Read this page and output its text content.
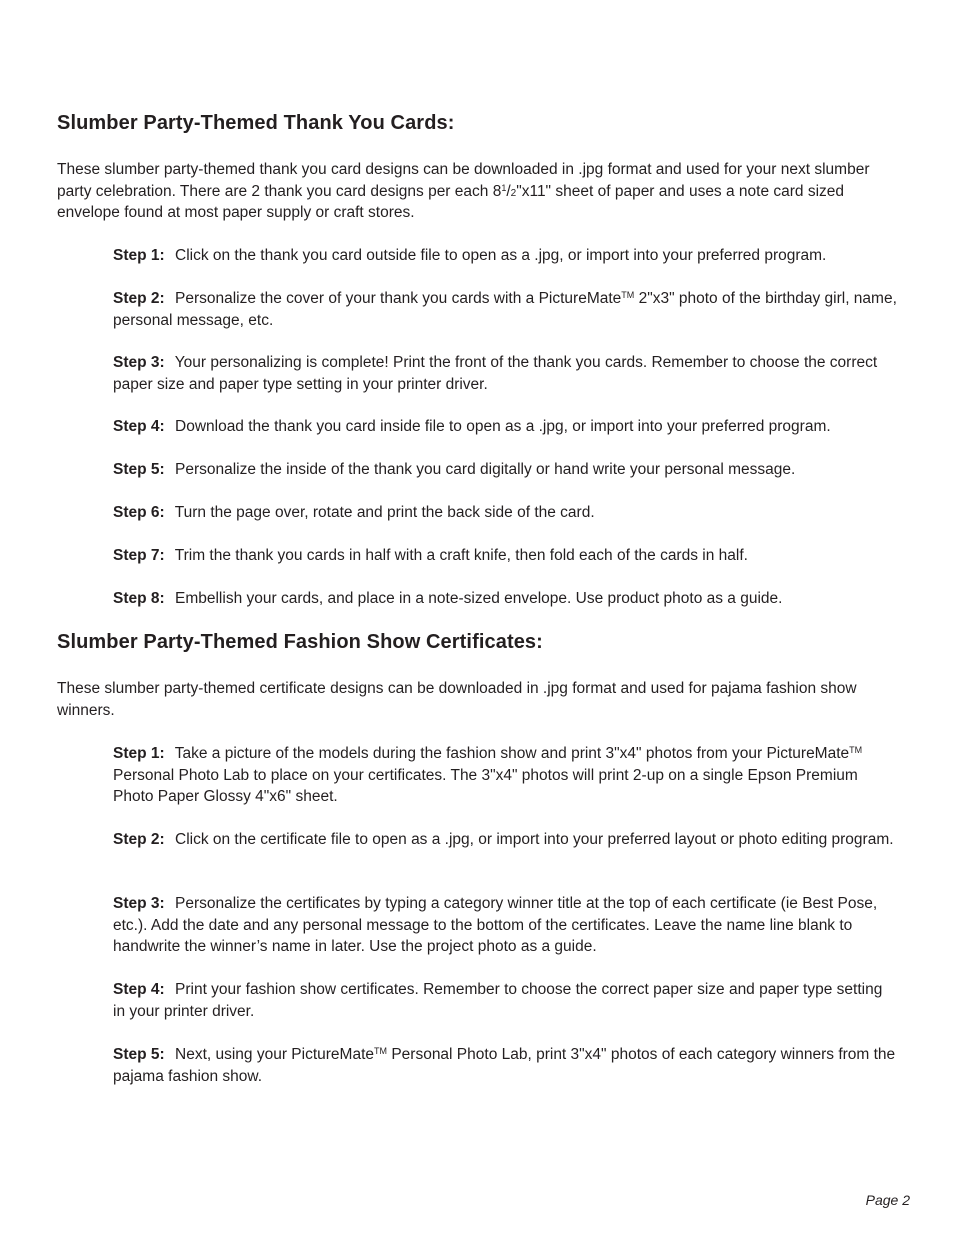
Slumber Party-Themed Thank You Cards:

These slumber party-themed thank you card designs can be downloaded in .jpg format and used for your next slumber party celebration. There are 2 thank you card designs per each $8^1/2"x11$" sheet of paper and uses a note card sized envelope found at most paper supply or craft stores.

Step 1: Click on the thank you card outside file to open as a .jpg, or import into your preferred program.

Step 2: Personalize the cover of your thank you cards with a PictureMate™ 2"x3" photo of the birthday girl, name, personal message, etc.

Step 3: Your personalizing is complete! Print the front of the thank you cards. Remember to choose the correct paper size and paper type setting in your printer driver.

Step 4: Download the thank you card inside file to open as a .jpg, or import into your preferred program.

Step 5: Personalize the inside of the thank you card digitally or hand write your personal message.

Step 6: Turn the page over, rotate and print the back side of the card.

Step 7: Trim the thank you cards in half with a craft knife, then fold each of the cards in half.

Step 8: Embellish your cards, and place in a note-sized envelope. Use product photo as a guide.

Slumber Party-Themed Fashion Show Certificates:

These slumber party-themed certificate designs can be downloaded in .jpg format and used for pajama fashion show winners.

Step 1: Take a picture of the models during the fashion show and print 3"x4" photos from your PictureMate™ Personal Photo Lab to place on your certificates. The 3"x4" photos will print 2-up on a single Epson Premium Photo Paper Glossy 4"x6" sheet.

Step 2: Click on the certificate file to open as a .jpg, or import into your preferred layout or photo editing program.

Step 3: Personalize the certificates by typing a category winner title at the top of each certificate (ie Best Pose, etc.). Add the date and any personal message to the bottom of the certificates. Leave the name line blank to handwrite the winner’s name in later. Use the project photo as a guide.

Step 4: Print your fashion show certificates. Remember to choose the correct paper size and paper type setting in your printer driver.

Step 5: Next, using your PictureMate™ Personal Photo Lab, print 3"x4" photos of each category winners from the pajama fashion show.

Page 2
